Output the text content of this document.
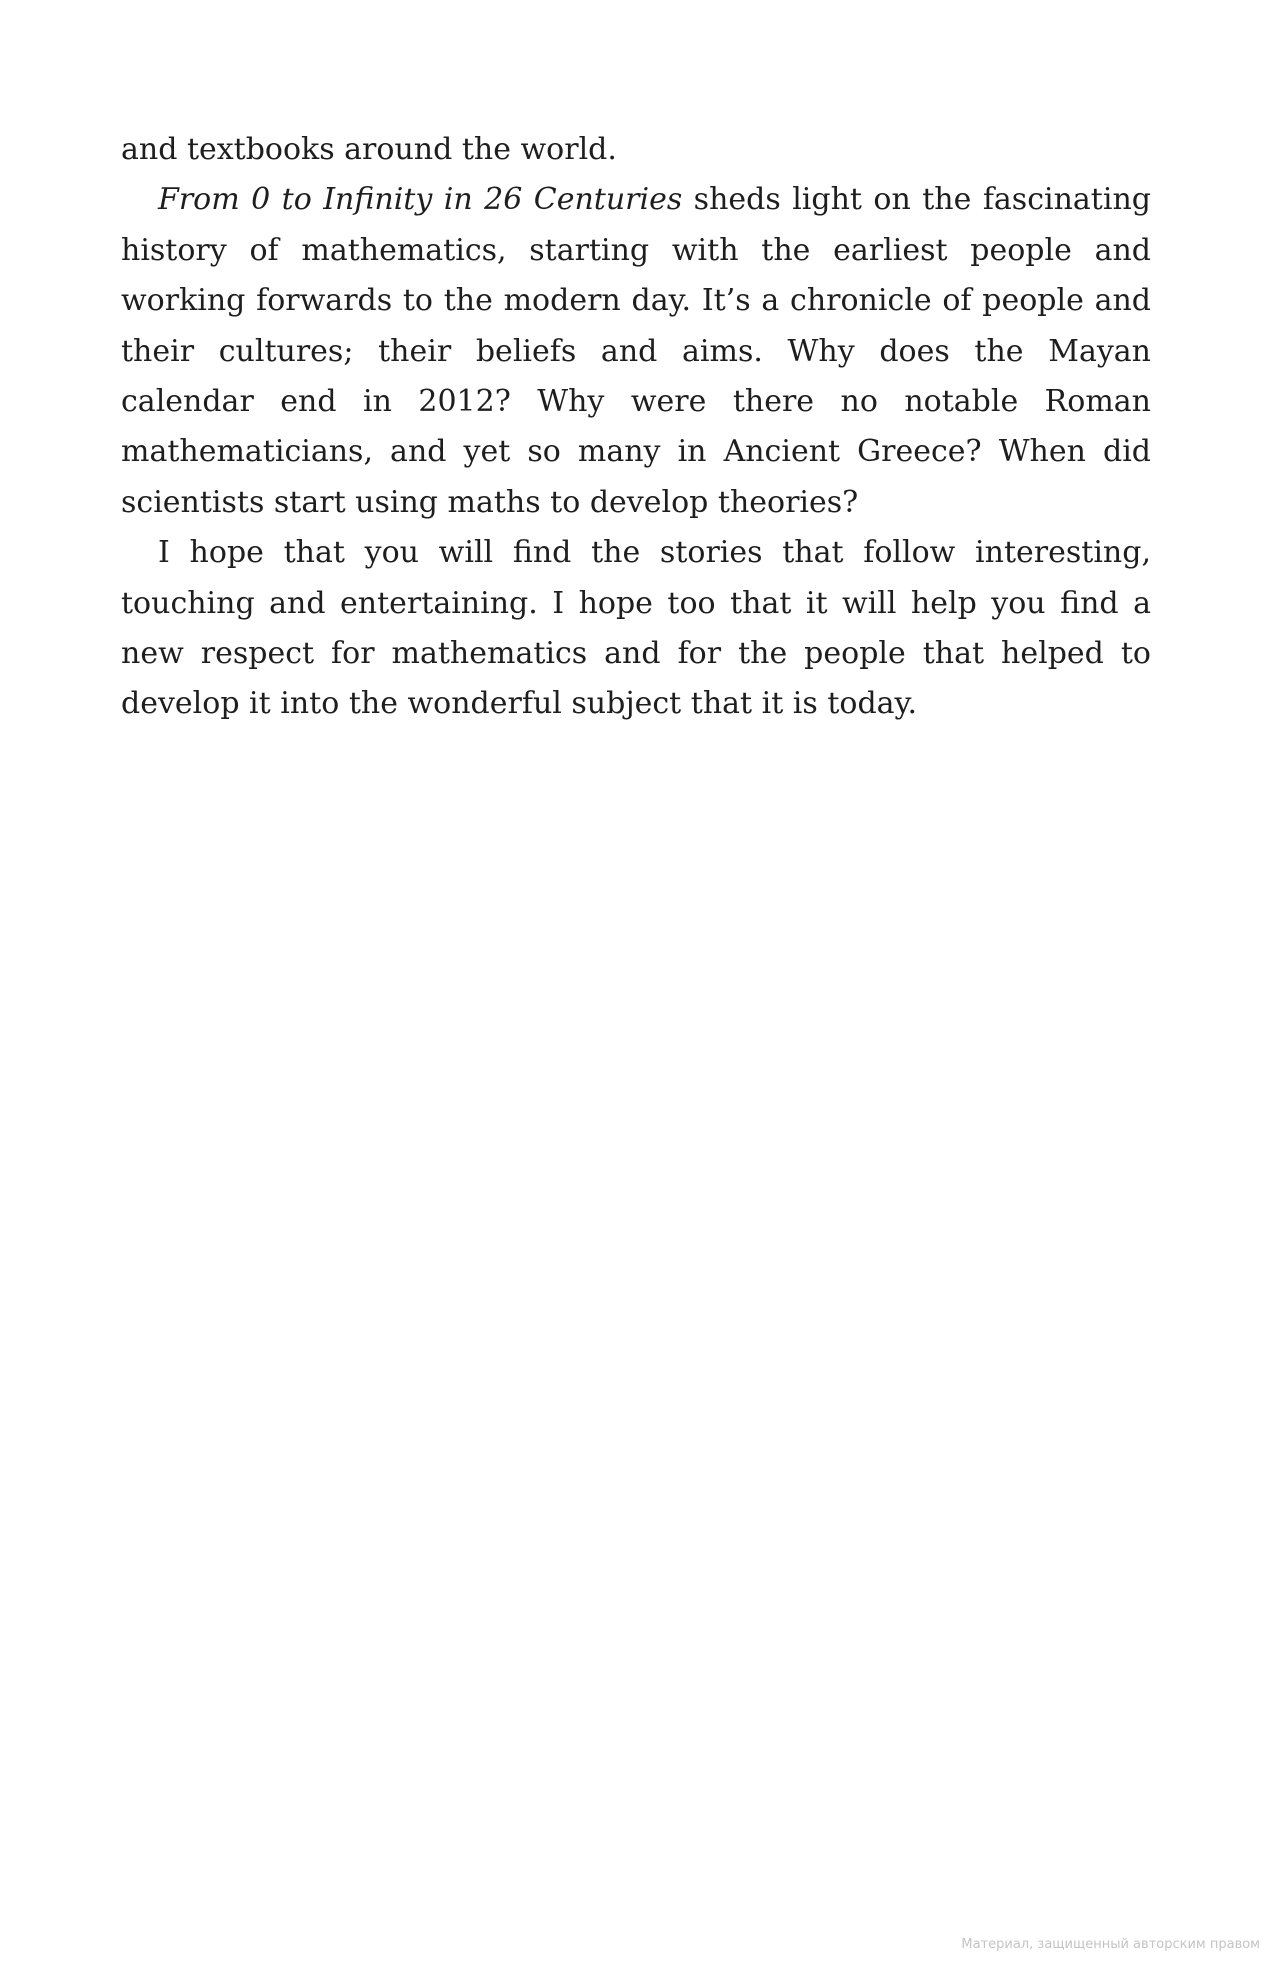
and textbooks around the world.

From 0 to Infinity in 26 Centuries sheds light on the fascinating history of mathematics, starting with the earliest people and working forwards to the modern day. It’s a chronicle of people and their cultures; their beliefs and aims. Why does the Mayan calendar end in 2012? Why were there no notable Roman mathematicians, and yet so many in Ancient Greece? When did scientists start using maths to develop theories?

I hope that you will find the stories that follow interesting, touching and entertaining. I hope too that it will help you find a new respect for mathematics and for the people that helped to develop it into the wonderful subject that it is today.

Материал, защищенный авторским правом
